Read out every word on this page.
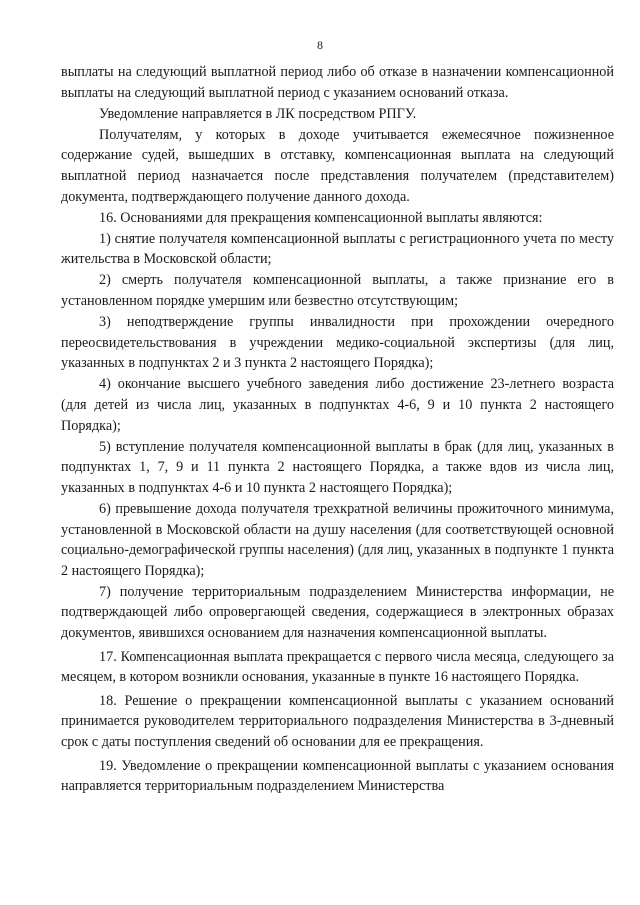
8

выплаты на следующий выплатной период либо об отказе в назначении компенсационной выплаты на следующий выплатной период с указанием оснований отказа.

Уведомление направляется в ЛК посредством РПГУ.

Получателям, у которых в доходе учитывается ежемесячное пожизненное содержание судей, вышедших в отставку, компенсационная выплата на следующий выплатной период назначается после представления получателем (представителем) документа, подтверждающего получение данного дохода.

16. Основаниями для прекращения компенсационной выплаты являются:

1) снятие получателя компенсационной выплаты с регистрационного учета по месту жительства в Московской области;

2) смерть получателя компенсационной выплаты, а также признание его в установленном порядке умершим или безвестно отсутствующим;

3) неподтверждение группы инвалидности при прохождении очередного переосвидетельствования в учреждении медико-социальной экспертизы (для лиц, указанных в подпунктах 2 и 3 пункта 2 настоящего Порядка);

4) окончание высшего учебного заведения либо достижение 23-летнего возраста (для детей из числа лиц, указанных в подпунктах 4-6, 9 и 10 пункта 2 настоящего Порядка);

5) вступление получателя компенсационной выплаты в брак (для лиц, указанных в подпунктах 1, 7, 9 и 11 пункта 2 настоящего Порядка, а также вдов из числа лиц, указанных в подпунктах 4-6 и 10 пункта 2 настоящего Порядка);

6) превышение дохода получателя трехкратной величины прожиточного минимума, установленной в Московской области на душу населения (для соответствующей основной социально-демографической группы населения) (для лиц, указанных в подпункте 1 пункта 2 настоящего Порядка);

7) получение территориальным подразделением Министерства информации, не подтверждающей либо опровергающей сведения, содержащиеся в электронных образах документов, явившихся основанием для назначения компенсационной выплаты.

17. Компенсационная выплата прекращается с первого числа месяца, следующего за месяцем, в котором возникли основания, указанные в пункте 16 настоящего Порядка.

18. Решение о прекращении компенсационной выплаты с указанием оснований принимается руководителем территориального подразделения Министерства в 3-дневный срок с даты поступления сведений об основании для ее прекращения.

19. Уведомление о прекращении компенсационной выплаты с указанием основания направляется территориальным подразделением Министерства
